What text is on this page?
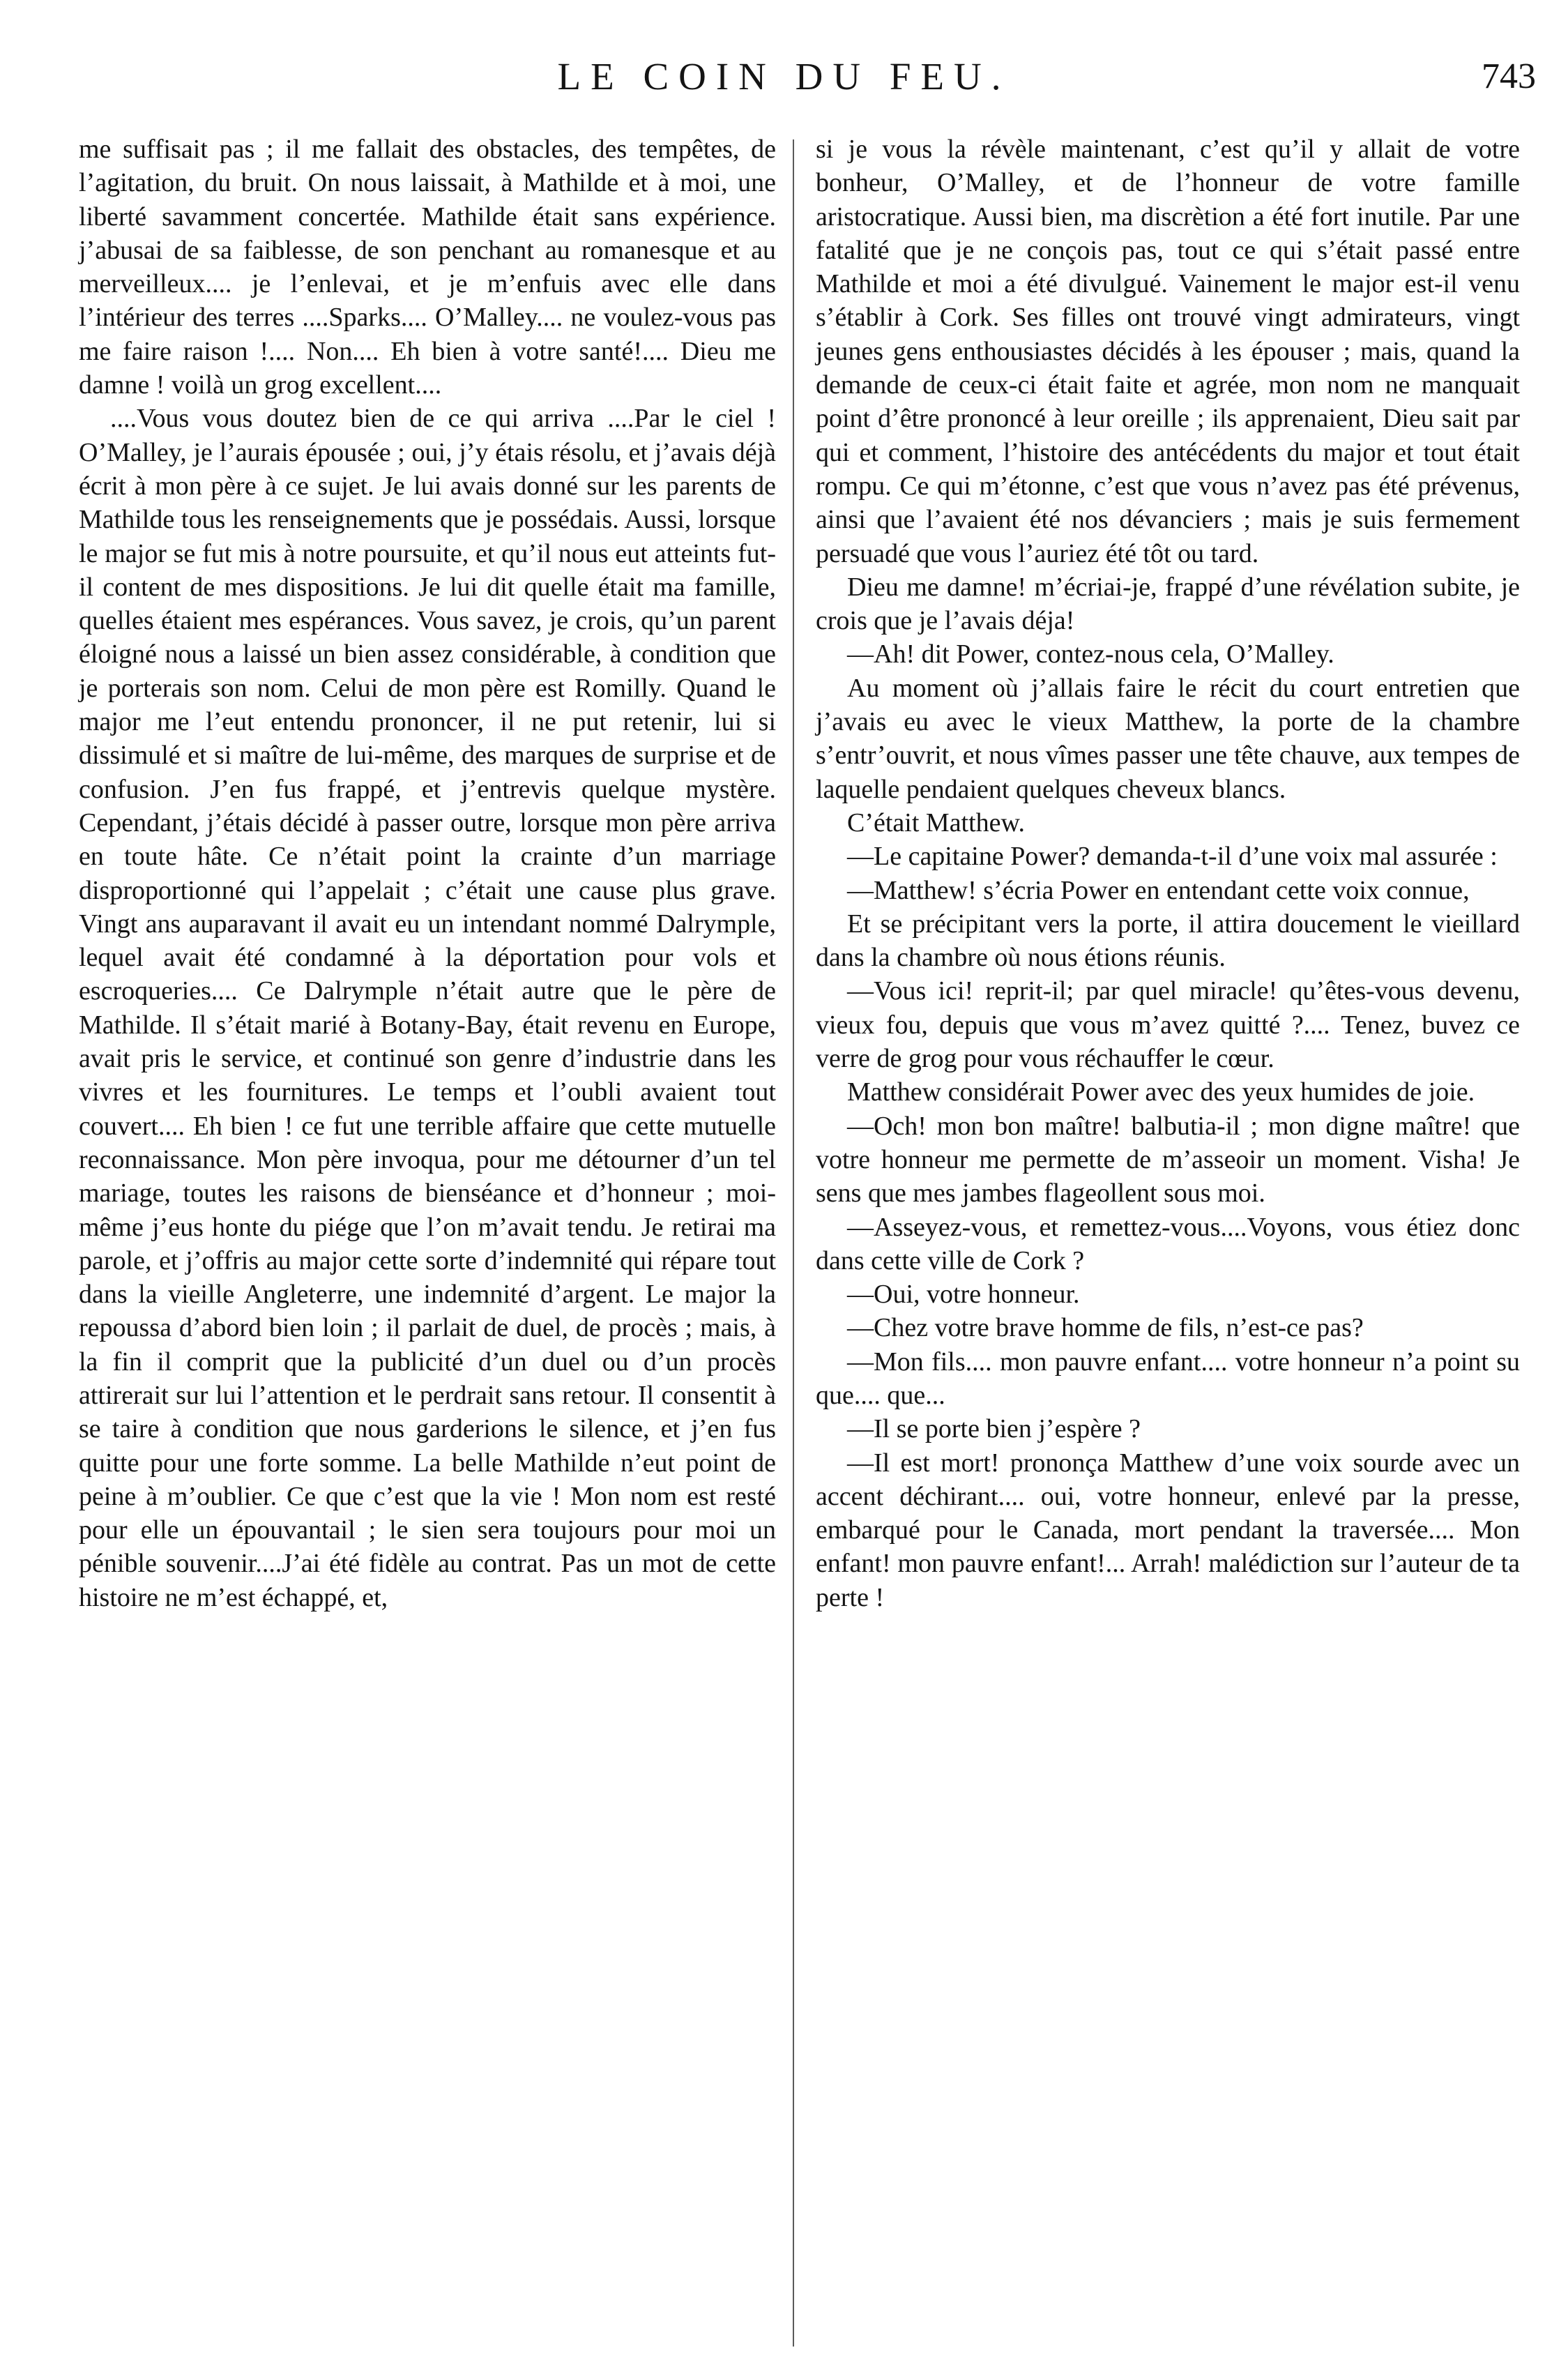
LE COIN DU FEU.	743

me suffisait pas ; il me fallait des obstacles, des tempêtes, de l’agitation, du bruit. On nous laissait, à Mathilde et à moi, une liberté savamment concertée. Mathilde était sans expérience. j’abusai de sa faiblesse, de son penchant au romanesque et au merveilleux.... je l’enlevai, et je m’enfuis avec elle dans l’intérieur des terres ....Sparks.... O’Malley.... ne voulez-vous pas me faire raison !.... Non.... Eh bien à votre santé!.... Dieu me damne ! voilà un grog excellent....

....Vous vous doutez bien de ce qui arriva ....Par le ciel ! O’Malley, je l’aurais épousée ; oui, j’y étais résolu, et j’avais déjà écrit à mon père à ce sujet. Je lui avais donné sur les parents de Mathilde tous les renseignements que je possédais. Aussi, lorsque le major se fut mis à notre poursuite, et qu’il nous eut atteints fut-il content de mes dispositions. Je lui dit quelle était ma famille, quelles étaient mes espérances. Vous savez, je crois, qu’un parent éloigné nous a laissé un bien assez considérable, à condition que je porterais son nom. Celui de mon père est Romilly. Quand le major me l’eut entendu prononcer, il ne put retenir, lui si dissimulé et si maître de lui-même, des marques de surprise et de confusion. J’en fus frappé, et j’entrevis quelque mystère. Cependant, j’étais décidé à passer outre, lorsque mon père arriva en toute hâte. Ce n’était point la crainte d’un marriage disproportionné qui l’appelait ; c’était une cause plus grave. Vingt ans auparavant il avait eu un intendant nommé Dalrymple, lequel avait été condamné à la déportation pour vols et escroqueries.... Ce Dalrymple n’était autre que le père de Mathilde. Il s’était marié à Botany-Bay, était revenu en Europe, avait pris le service, et continué son genre d’industrie dans les vivres et les fournitures. Le temps et l’oubli avaient tout couvert.... Eh bien ! ce fut une terrible affaire que cette mutuelle reconnaissance. Mon père invoqua, pour me détourner d’un tel mariage, toutes les raisons de bienséance et d’honneur ; moi-même j’eus honte du piége que l’on m’avait tendu. Je retirai ma parole, et j’offris au major cette sorte d’indemnité qui répare tout dans la vieille Angleterre, une indemnité d’argent. Le major la repoussa d’abord bien loin ; il parlait de duel, de procès ; mais, à la fin il comprit que la publicité d’un duel ou d’un procès attirerait sur lui l’attention et le perdrait sans retour. Il consentit à se taire à condition que nous garderions le silence, et j’en fus quitte pour une forte somme. La belle Mathilde n’eut point de peine à m’oublier. Ce que c’est que la vie ! Mon nom est resté pour elle un épouvantail ; le sien sera toujours pour moi un pénible souvenir....J’ai été fidèle au contrat. Pas un mot de cette histoire ne m’est échappé, et,

si je vous la révèle maintenant, c’est qu’il y allait de votre bonheur, O’Malley, et de l’honneur de votre famille aristocratique. Aussi bien, ma discrètion a été fort inutile. Par une fatalité que je ne conçois pas, tout ce qui s’était passé entre Mathilde et moi a été divulgué. Vainement le major est-il venu s’établir à Cork. Ses filles ont trouvé vingt admirateurs, vingt jeunes gens enthousiastes décidés à les épouser ; mais, quand la demande de ceux-ci était faite et agrée, mon nom ne manquait point d’être prononcé à leur oreille ; ils apprenaient, Dieu sait par qui et comment, l’histoire des antécédents du major et tout était rompu. Ce qui m’étonne, c’est que vous n’avez pas été prévenus, ainsi que l’avaient été nos dévanciers ; mais je suis fermement persuadé que vous l’auriez été tôt ou tard.

Dieu me damne! m’écriai-je, frappé d’une révélation subite, je crois que je l’avais déja!

—Ah! dit Power, contez-nous cela, O’Malley.

Au moment où j’allais faire le récit du court entretien que j’avais eu avec le vieux Matthew, la porte de la chambre s’entr’ouvrit, et nous vîmes passer une tête chauve, aux tempes de laquelle pendaient quelques cheveux blancs.

C’était Matthew.

—Le capitaine Power? demanda-t-il d’une voix mal assurée :

—Matthew! s’écria Power en entendant cette voix connue,

Et se précipitant vers la porte, il attira doucement le vieillard dans la chambre où nous étions réunis.

—Vous ici! reprit-il; par quel miracle! qu’êtes-vous devenu, vieux fou, depuis que vous m’avez quitté ?.... Tenez, buvez ce verre de grog pour vous réchauffer le cœur.

Matthew considérait Power avec des yeux humides de joie.

—Och! mon bon maître! balbutia-il ; mon digne maître! que votre honneur me permette de m’asseoir un moment. Visha! Je sens que mes jambes flageollent sous moi.

—Asseyez-vous, et remettez-vous....Voyons, vous étiez donc dans cette ville de Cork ?

—Oui, votre honneur.

—Chez votre brave homme de fils, n’est-ce pas?

—Mon fils.... mon pauvre enfant.... votre honneur n’a point su que.... que...

—Il se porte bien j’espère ?

—Il est mort! prononça Matthew d’une voix sourde avec un accent déchirant.... oui, votre honneur, enlevé par la presse, embarqué pour le Canada, mort pendant la traversée.... Mon enfant! mon pauvre enfant!... Arrah! malédiction sur l’auteur de ta perte !
